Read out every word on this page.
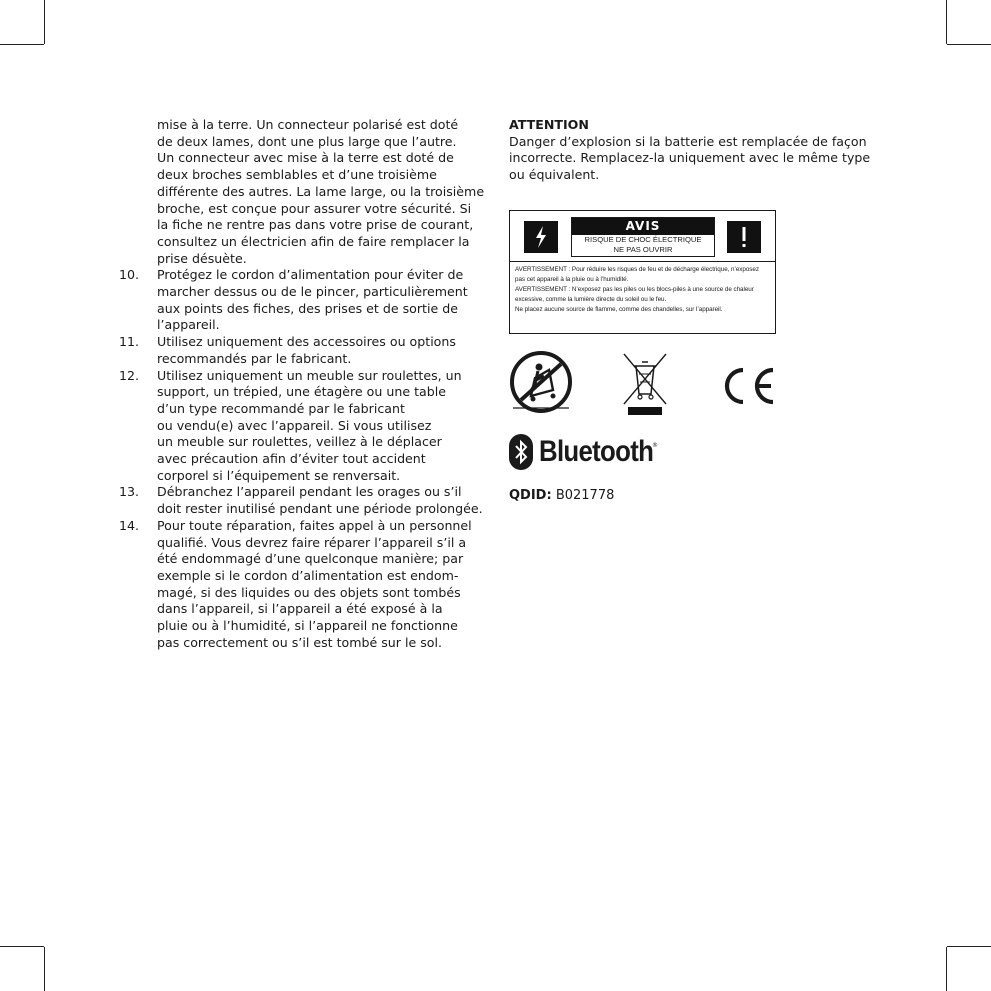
mise à la terre. Un connecteur polarisé est doté
de deux lames, dont une plus large que l’autre.
Un connecteur avec mise à la terre est doté de
deux broches semblables et d’une troisième
différente des autres. La lame large, ou la troisième
broche, est conçue pour assurer votre sécurité. Si
la fiche ne rentre pas dans votre prise de courant,
consultez un électricien afin de faire remplacer la
prise désuète.
10. Protégez le cordon d’alimentation pour éviter de
marcher dessus ou de le pincer, particulièrement
aux points des fiches, des prises et de sortie de
l’appareil.
11. Utilisez uniquement des accessoires ou options
recommandés par le fabricant.
12. Utilisez uniquement un meuble sur roulettes, un
support, un trépied, une étagère ou une table
d’un type recommandé par le fabricant
ou vendu(e) avec l’appareil. Si vous utilisez
un meuble sur roulettes, veillez à le déplacer
avec précaution afin d’éviter tout accident
corporel si l’équipement se renversait.
13. Débranchez l’appareil pendant les orages ou s’il
doit rester inutilisé pendant une période prolongée.
14. Pour toute réparation, faites appel à un personnel
qualifié. Vous devrez faire réparer l’appareil s’il a
été endommagé d’une quelconque manière; par
exemple si le cordon d’alimentation est endom-
magé, si des liquides ou des objets sont tombés
dans l’appareil, si l’appareil a été exposé à la
pluie ou à l’humidité, si l’appareil ne fonctionne
pas correctement ou s’il est tombé sur le sol.
ATTENTION
Danger d’explosion si la batterie est remplacée de façon
incorrecte. Remplacez-la uniquement avec le même type
ou équivalent.
AVIS
RISQUE DE CHOC ÉLECTRIQUE
NE PAS OUVRIR
AVERTISSEMENT : Pour réduire les risques de feu et de décharge électrique, n’exposez
pas cet appareil à la pluie ou à l’humidité.
AVERTISSEMENT : N’exposez pas les piles ou les blocs-piles à une source de chaleur
excessive, comme la lumière directe du soleil ou le feu.
Ne placez aucune source de flamme, comme des chandelles, sur l’appareil.
Bluetooth
®
QDID: B021778
